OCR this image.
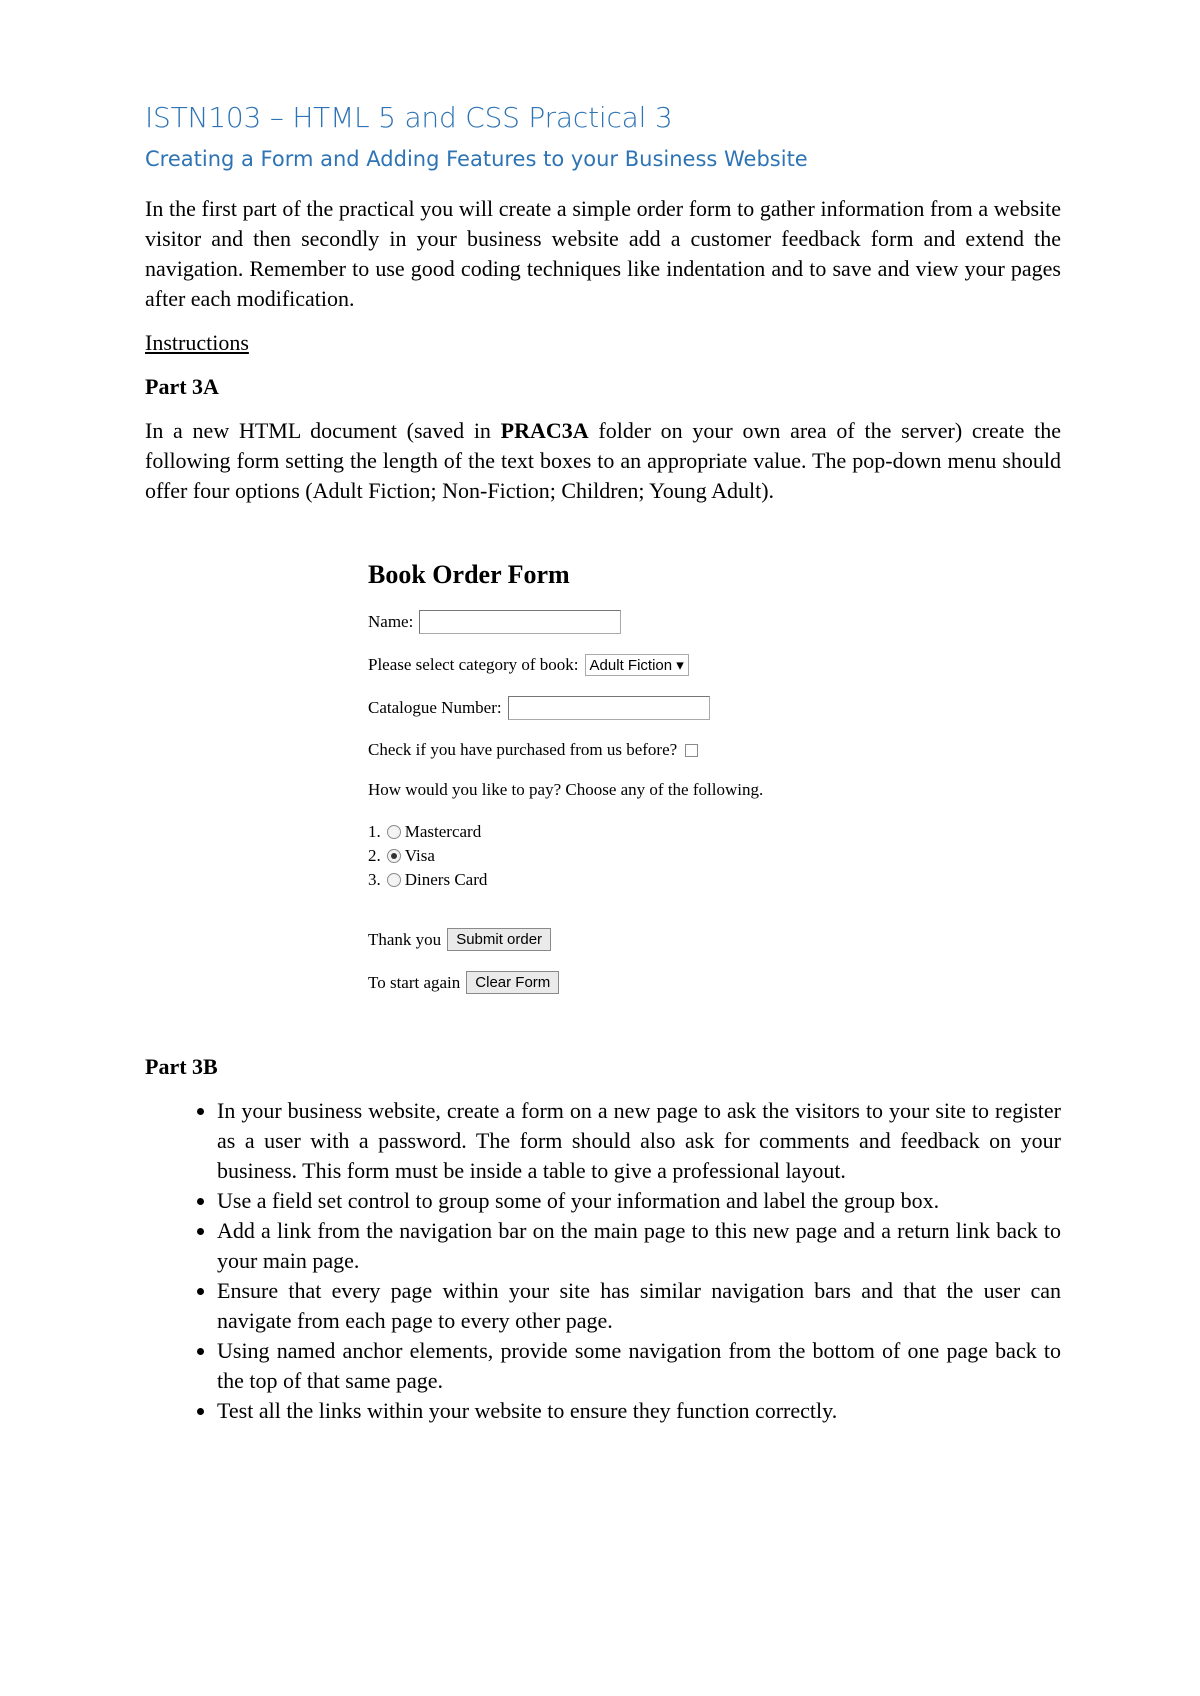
ISTN103 – HTML 5 and CSS Practical 3
Creating a Form and Adding Features to your Business Website

In the first part of the practical you will create a simple order form to gather information from a website visitor and then secondly in your business website add a customer feedback form and extend the navigation. Remember to use good coding techniques like indentation and to save and view your pages after each modification.

Instructions
Part 3A

In a new HTML document (saved in PRAC3A folder on your own area of the server) create the following form setting the length of the text boxes to an appropriate value. The pop-down menu should offer four options (Adult Fiction; Non-Fiction; Children; Young Adult).

Book Order Form
Name:
Please select category of book: Adult Fiction ▾
Catalogue Number:
Check if you have purchased from us before?
How would you like to pay? Choose any of the following.
1. Mastercard
2. Visa
3. Diners Card
Thank you	Submit order
To start again	Clear Form
Part 3B
• In your business website, create a form on a new page to ask the visitors to your site to register as a user with a password. The form should also ask for comments and feedback on your business. This form must be inside a table to give a professional layout.
• Use a field set control to group some of your information and label the group box.
• Add a link from the navigation bar on the main page to this new page and a return link back to your main page.
• Ensure that every page within your site has similar navigation bars and that the user can navigate from each page to every other page.
• Using named anchor elements, provide some navigation from the bottom of one page back to the top of that same page.
• Test all the links within your website to ensure they function correctly.
